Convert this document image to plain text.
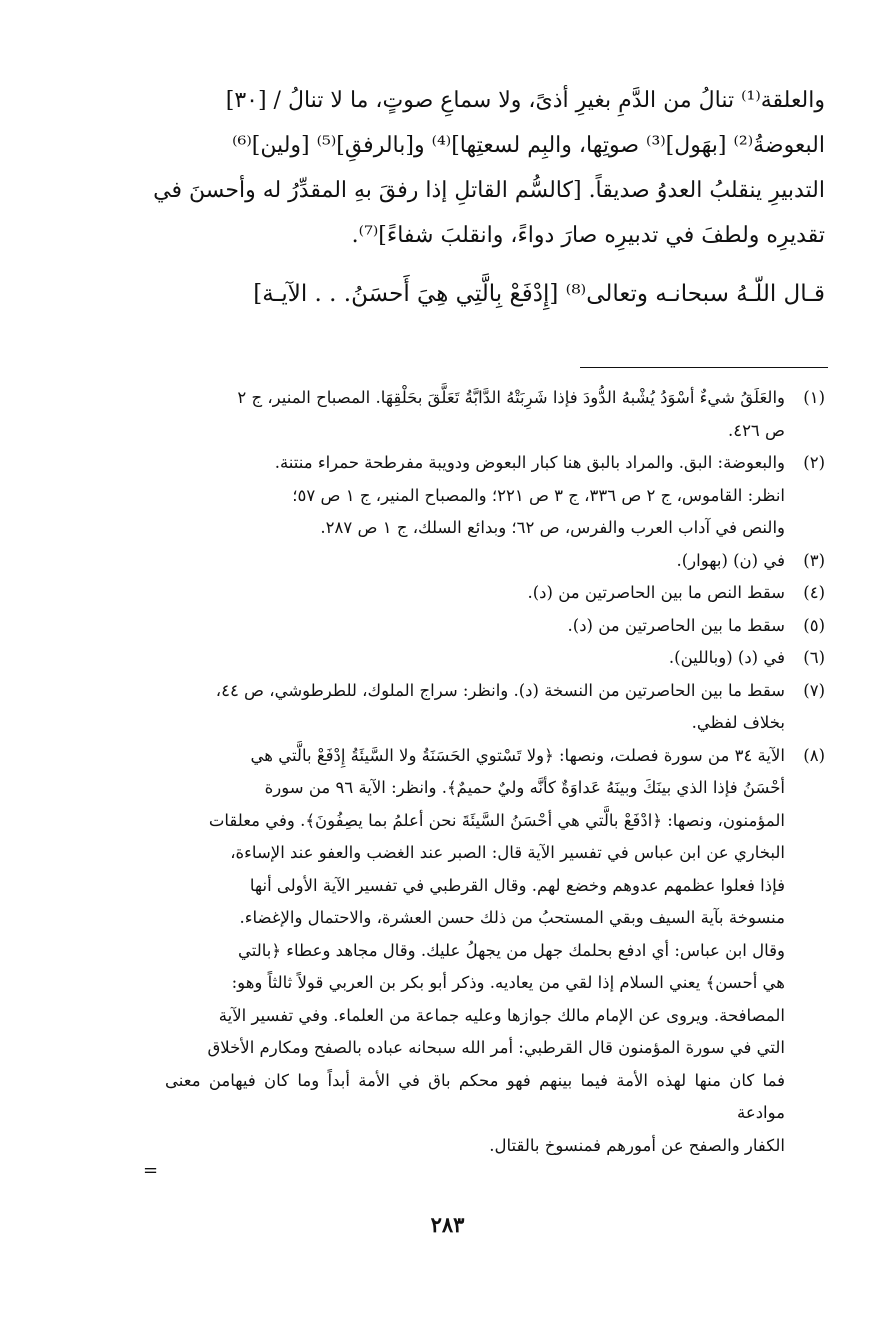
والعلقة⁽¹⁾ تنالُ من الدَّمِ بغيرِ أذىً، ولا سماعِ صوتٍ، ما لا تنالُ / [٣٠]

البعوضةُ⁽²⁾ [بهَول]⁽³⁾ صوتِها، والبِم لسعتِها]⁽⁴⁾ و[بالرفقِ]⁽⁵⁾ [ولين]⁽⁶⁾

التدبيرِ ينقلبُ العدوُ صديقاً. [كالسُّم القاتلِ إذا رفقَ بهِ المقدِّرُ له وأحسنَ في

تقديرِه ولطفَ في تدبيرِه صارَ دواءً، وانقلبَ شفاءً]⁽⁷⁾.

قـال اللّـهُ سبحانـه وتعالى⁽⁸⁾ [إِدْفَعْ بِالَّتِي هِيَ أَحسَنُ. . . الآيـة]

(١)
والعَلَقُ شيءٌ أسْوَدُ يُشْبهُ الدُّودَ فإذا شَرِبَتْهُ الدَّابَّةُ تَعَلَّقَ بحَلْقِهَا. المصباح المنير، ج ٢
ص ٤٢٦.
(٢)
والبعوضة: البق. والمراد بالبق هنا كبار البعوض ودويبة مفرطحة حمراء منتنة.
انظر: القاموس، ج ٢ ص ٣٣٦، ج ٣ ص ٢٢١؛ والمصباح المنير، ج ١ ص ٥٧؛
والنص في آداب العرب والفرس، ص ٦٢؛ وبدائع السلك، ج ١ ص ٢٨٧.
(٣)
في (ن) (بهوار).
(٤)
سقط النص ما بين الحاصرتين من (د).
(٥)
سقط ما بين الحاصرتين من (د).
(٦)
في (د) (وباللين).
(٧)
سقط ما بين الحاصرتين من النسخة (د). وانظر: سراج الملوك، للطرطوشي، ص ٤٤،
بخلاف لفظي.
(٨)
الآية ٣٤ من سورة فصلت، ونصها: ﴿ولا تَسْتوي الحَسَنَةُ ولا السَّيئَةُ إِدْفَعْ بالَّتي هي
أحْسَنُ فإذا الذي بينَكَ وبينَهُ عَداوَةٌ كأنَّه وليٌ حميمٌ﴾. وانظر: الآية ٩٦ من سورة
المؤمنون، ونصها: ﴿ادْفَعْ بالَّتي هي أحْسَنُ السَّيئَةَ نحن أعلمُ بما يصِفُونَ﴾. وفي معلقات
البخاري عن ابن عباس في تفسير الآية قال: الصبر عند الغضب والعفو عند الإساءة،
فإذا فعلوا عظمهم عدوهم وخضع لهم. وقال القرطبي في تفسير الآية الأولى أنها
منسوخة بآية السيف وبقي المستحبُ من ذلك حسن العشرة، والاحتمال والإغضاء.
وقال ابن عباس: أي ادفع بحلمك جهل من يجهلُ عليك. وقال مجاهد وعطاء ﴿بالتي
هي أحسن﴾ يعني السلام إذا لقي من يعاديه. وذكر أبو بكر بن العربي قولاً ثالثاً وهو:
المصافحة. ويروى عن الإمام مالك جوازها وعليه جماعة من العلماء. وفي تفسير الآية
التي في سورة المؤمنون قال القرطبي: أمر الله سبحانه عباده بالصفح ومكارم الأخلاق
فما كان منها لهذه الأمة فيما بينهم فهو محكم باق في الأمة أبداً وما كان فيهامن معنى موادعة
الكفار والصفح عن أمورهم فمنسوخ بالقتال.
=
٢٨٣
